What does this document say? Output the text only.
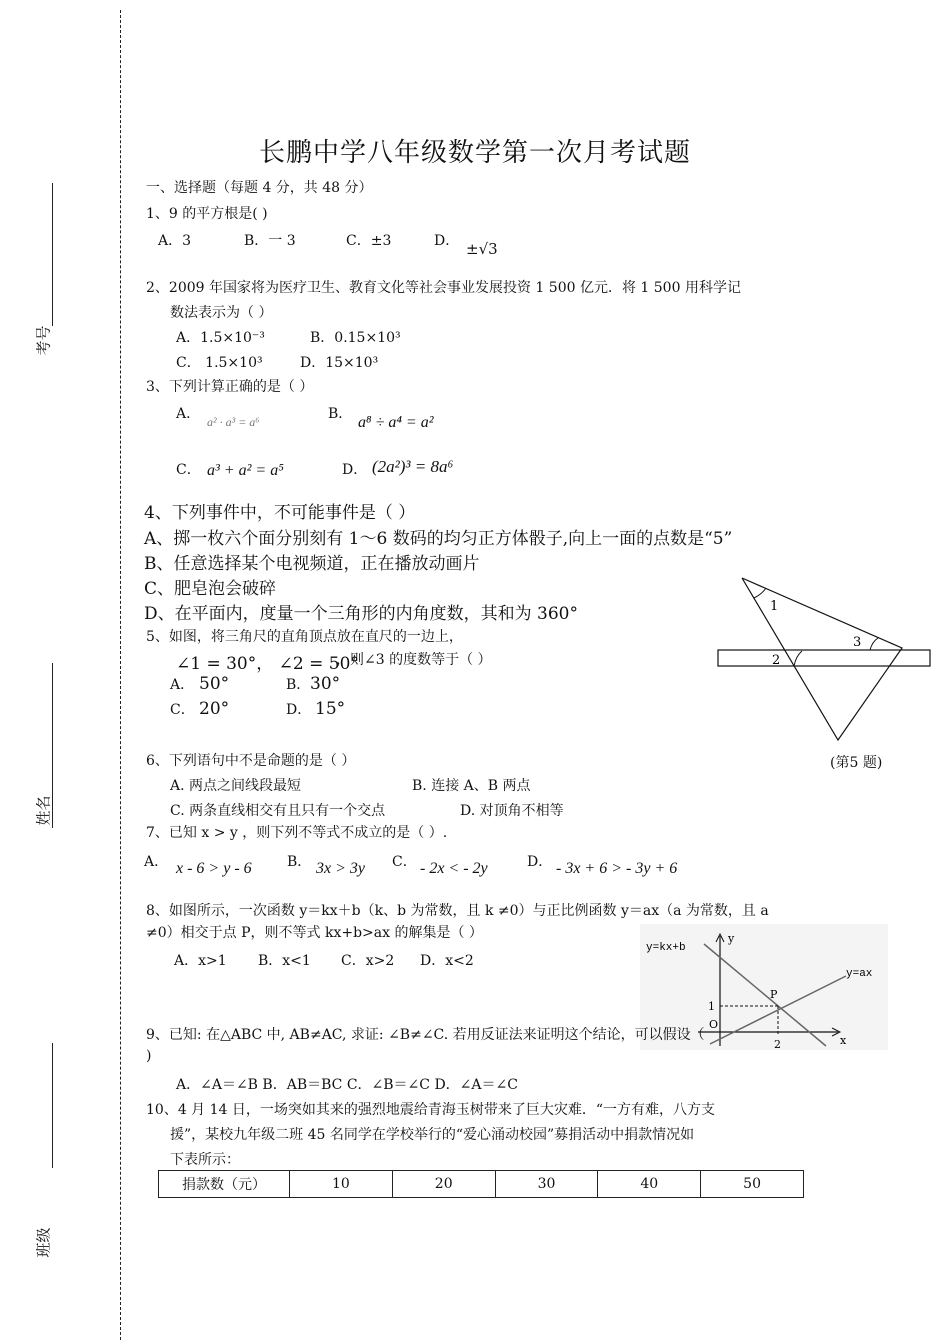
考号
姓名
班级
长鹏中学八年级数学第一次月考试题
一、选择题（每题 4 分，共 48 分）
1、9 的平方根是( )
A．3	B．一 3	C．±3	D． ±√3
2、2009 年国家将为医疗卫生、教育文化等社会事业发展投资 1 500 亿元．将 1 500 用科学记
数法表示为（ ）
A．1.5×10⁻³	B．0.15×10³
C． 1.5×10³	D．15×10³
3、下列计算正确的是（ ）
A． a² · a³ = a⁶	B． a⁸ ÷ a⁴ = a²
C． a³ + a² = a⁵	D． (2a²)³ = 8a⁶
4、下列事件中，不可能事件是（ ）
A、掷一枚六个面分别刻有 1～6 数码的均匀正方体骰子,向上一面的点数是“5”
B、任意选择某个电视频道，正在播放动画片
C、肥皂泡会破碎
D、在平面内，度量一个三角形的内角度数，其和为 360°
5、如图，将三角尺的直角顶点放在直尺的一边上，
∠1 = 30°， ∠2 = 50°
，则∠3 的度数等于（ ）
A． 50°	B． 30°
C． 20°	D． 15°
1
2
3
(第5 题)
6、下列语句中不是命题的是（ ）
A. 两点之间线段最短	B. 连接 A、B 两点
C. 两条直线相交有且只有一个交点	D. 对顶角不相等
7、已知 x > y ，则下列不等式不成立的是（ ）.
A． x - 6 > y - 6	B． 3x > 3y C． - 2x < - 2y	D． - 3x + 6 > - 3y + 6
8、如图所示，一次函数 y＝kx＋b（k、b 为常数，且 k ≠0）与正比例函数 y＝ax（a 为常数，且 a
≠0）相交于点 P，则不等式 kx+b>ax 的解集是（ ）
A．x>1 B．x<1 C．x>2 D．x<2
y=kx+b
y=ax
y
x
P
1
O
2
9、已知: 在△ABC 中, AB≠AC, 求证: ∠B≠∠C. 若用反证法来证明这个结论，可以假设（
)
A．∠A＝∠B B．AB＝BC C．∠B＝∠C D．∠A＝∠C
10、4 月 14 日，一场突如其来的强烈地震给青海玉树带来了巨大灾难．“一方有难，八方支
援”，某校九年级二班 45 名同学在学校举行的“爱心涌动校园”募捐活动中捐款情况如
下表所示：
捐款数（元）	10	20	30	40	50
